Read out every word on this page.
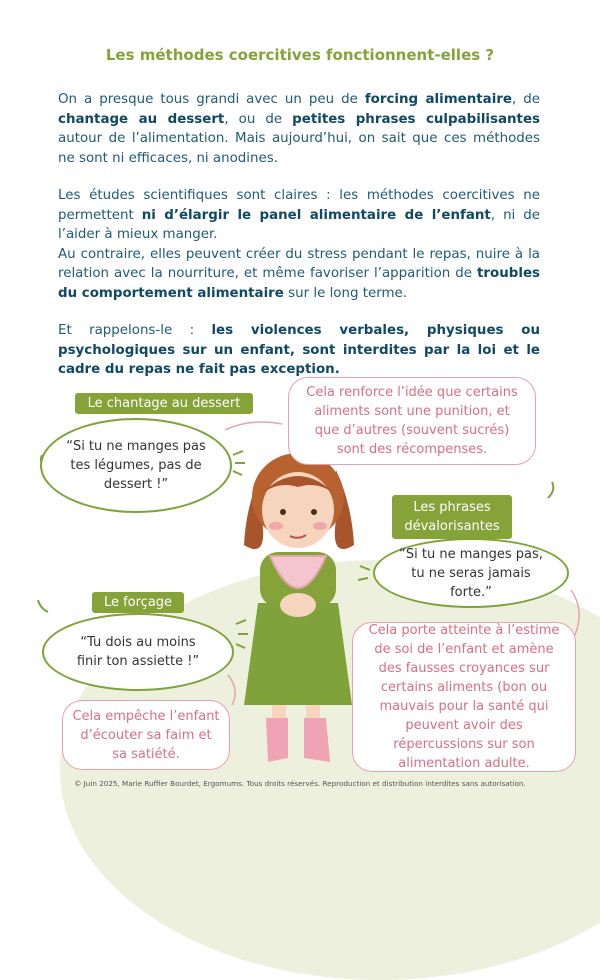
Les méthodes coercitives fonctionnent-elles ?
On a presque tous grandi avec un peu de forcing alimentaire, de chantage au dessert, ou de petites phrases culpabilisantes autour de l’alimentation. Mais aujourd’hui, on sait que ces méthodes ne sont ni efficaces, ni anodines.
Les études scientifiques sont claires : les méthodes coercitives ne permettent ni d’élargir le panel alimentaire de l’enfant, ni de l’aider à mieux manger.
Au contraire, elles peuvent créer du stress pendant le repas, nuire à la relation avec la nourriture, et même favoriser l’apparition de troubles du comportement alimentaire sur le long terme.
Et rappelons-le : les violences verbales, physiques ou psychologiques sur un enfant, sont interdites par la loi et le cadre du repas ne fait pas exception.
Le chantage au dessert
“Si tu ne manges pas tes légumes, pas de dessert !”
Cela renforce l’idée que certains aliments sont une punition, et que d’autres (souvent sucrés) sont des récompenses.
Les phrases dévalorisantes
“Si tu ne manges pas, tu ne seras jamais forte.”
Cela porte atteinte à l’estime de soi de l’enfant et amène des fausses croyances sur certains aliments (bon ou mauvais pour la santé qui peuvent avoir des répercussions sur son alimentation adulte.
Le forçage
“Tu dois au moins finir ton assiette !”
Cela empêche l’enfant d’écouter sa faim et sa satiété.
© Juin 2025, Marie Ruffier Bourdet, Ergomums. Tous droits réservés. Reproduction et distribution interdites sans autorisation.
